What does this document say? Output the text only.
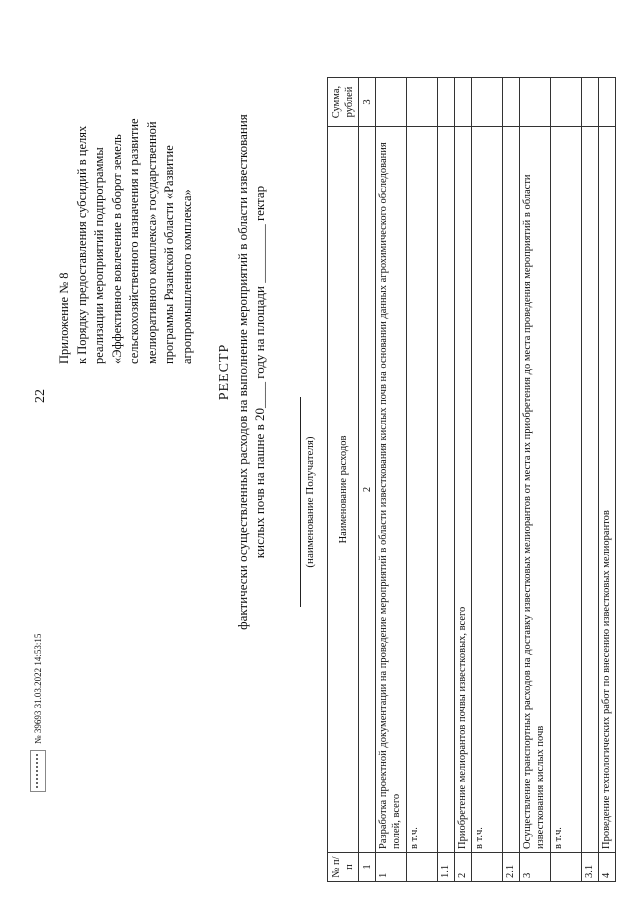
22
Приложение № 8 к Порядку предоставления субсидий в целях реализации мероприятий подпрограммы «Эффективное вовлечение в оборот земель сельскохозяйственного назначения и развитие мелиоративного комплекса» государственной программы Рязанской области «Развитие агропромышленного комплекса»
РЕЕСТР фактически осуществленных расходов на выполнение мероприятий в области известкования кислых почв на пашне в 20____ году на площади _________ гектар	(наименование Получателя)
№ п/п	Наименование расходов	Сумма, рублей
1	2	3
1	Разработка проектной документации на проведение мероприятий в области известкования кислых почв на основании данных агрохимического обследования полей, всего	
	в т.ч.	
1.1		
2	Приобретение мелиорантов почвы известковых, всего	
	в т.ч.	
2.1		
3	Осуществление транспортных расходов на доставку известковых мелиорантов от места их приобретения до места проведения мероприятий в области известкования кислых почв	
	в т.ч.	
3.1		
4	Проведение технологических работ по внесению известковых мелиорантов	
№ 39693 31.03.2022 14:53:15
